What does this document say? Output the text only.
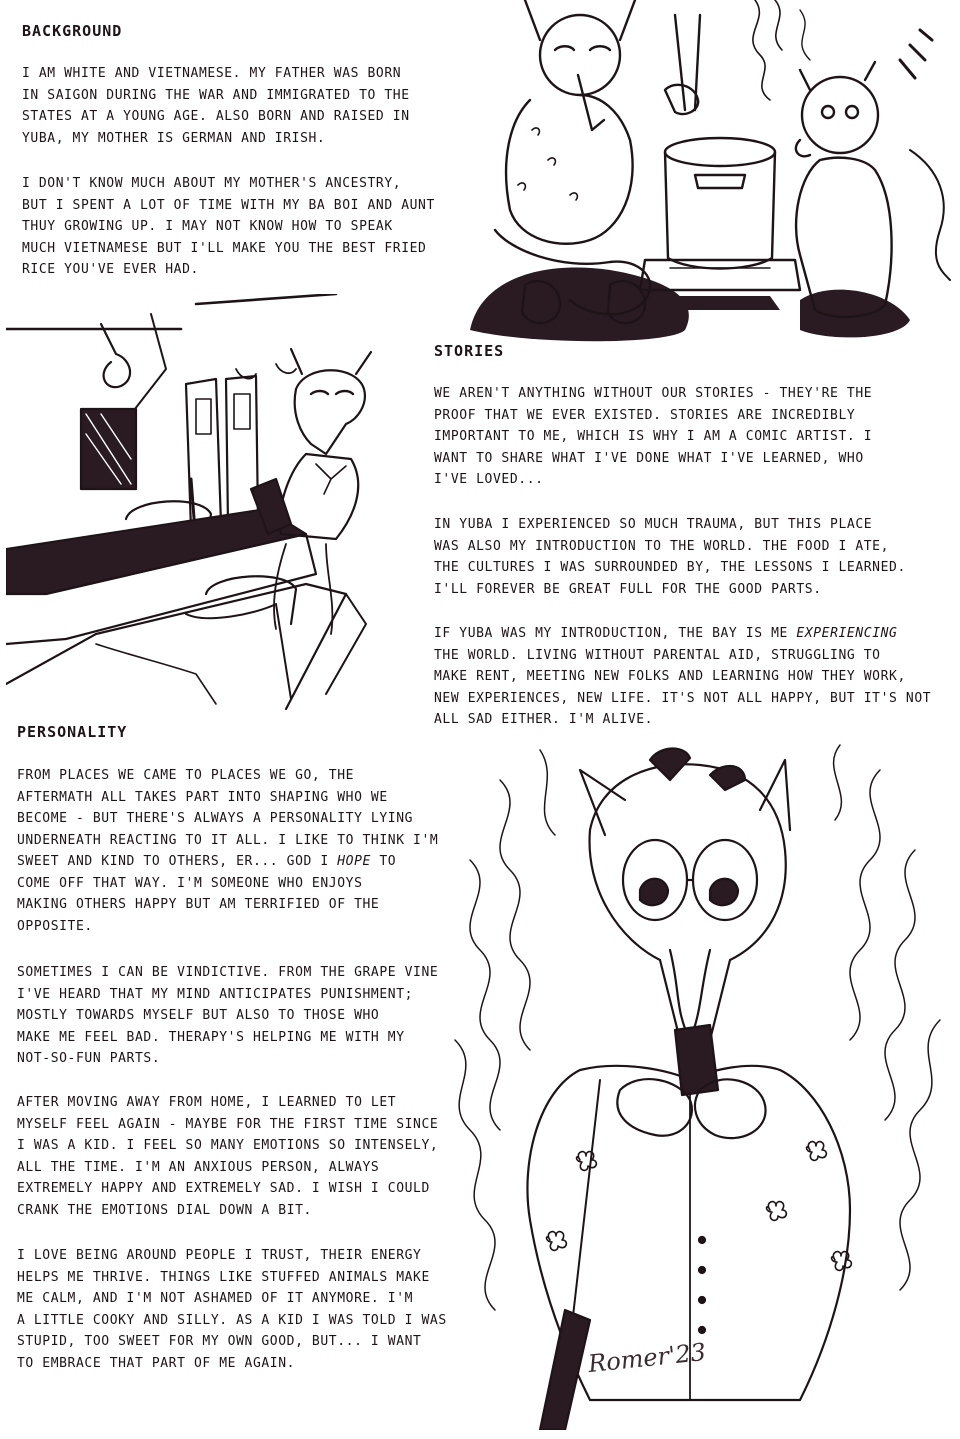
BACKGROUND
I AM WHITE AND VIETNAMESE. MY FATHER WAS BORN
IN SAIGON DURING THE WAR AND IMMIGRATED TO THE
STATES AT A YOUNG AGE. ALSO BORN AND RAISED IN
YUBA, MY MOTHER IS GERMAN AND IRISH.
I DON'T KNOW MUCH ABOUT MY MOTHER'S ANCESTRY,
BUT I SPENT A LOT OF TIME WITH MY BA BOI AND AUNT
THUY GROWING UP. I MAY NOT KNOW HOW TO SPEAK
MUCH VIETNAMESE BUT I'LL MAKE YOU THE BEST FRIED
RICE YOU'VE EVER HAD.
STORIES
WE AREN'T ANYTHING WITHOUT OUR STORIES - THEY'RE THE
PROOF THAT WE EVER EXISTED. STORIES ARE INCREDIBLY
IMPORTANT TO ME, WHICH IS WHY I AM A COMIC ARTIST. I
WANT TO SHARE WHAT I'VE DONE WHAT I'VE LEARNED, WHO
I'VE LOVED...
IN YUBA I EXPERIENCED SO MUCH TRAUMA, BUT THIS PLACE
WAS ALSO MY INTRODUCTION TO THE WORLD. THE FOOD I ATE,
THE CULTURES I WAS SURROUNDED BY, THE LESSONS I LEARNED.
I'LL FOREVER BE GREAT FULL FOR THE GOOD PARTS.
IF YUBA WAS MY INTRODUCTION, THE BAY IS ME EXPERIENCING
THE WORLD. LIVING WITHOUT PARENTAL AID, STRUGGLING TO
MAKE RENT, MEETING NEW FOLKS AND LEARNING HOW THEY WORK,
NEW EXPERIENCES, NEW LIFE. IT'S NOT ALL HAPPY, BUT IT'S NOT
ALL SAD EITHER. I'M ALIVE.
PERSONALITY
FROM PLACES WE CAME TO PLACES WE GO, THE
AFTERMATH ALL TAKES PART INTO SHAPING WHO WE
BECOME - BUT THERE'S ALWAYS A PERSONALITY LYING
UNDERNEATH REACTING TO IT ALL. I LIKE TO THINK I'M
SWEET AND KIND TO OTHERS, ER... GOD I HOPE TO
COME OFF THAT WAY. I'M SOMEONE WHO ENJOYS
MAKING OTHERS HAPPY BUT AM TERRIFIED OF THE
OPPOSITE.
SOMETIMES I CAN BE VINDICTIVE. FROM THE GRAPE VINE
I'VE HEARD THAT MY MIND ANTICIPATES PUNISHMENT;
MOSTLY TOWARDS MYSELF BUT ALSO TO THOSE WHO
MAKE ME FEEL BAD. THERAPY'S HELPING ME WITH MY
NOT-SO-FUN PARTS.
AFTER MOVING AWAY FROM HOME, I LEARNED TO LET
MYSELF FEEL AGAIN - MAYBE FOR THE FIRST TIME SINCE
I WAS A KID. I FEEL SO MANY EMOTIONS SO INTENSELY,
ALL THE TIME. I'M AN ANXIOUS PERSON, ALWAYS
EXTREMELY HAPPY AND EXTREMELY SAD. I WISH I COULD
CRANK THE EMOTIONS DIAL DOWN A BIT.
I LOVE BEING AROUND PEOPLE I TRUST, THEIR ENERGY
HELPS ME THRIVE. THINGS LIKE STUFFED ANIMALS MAKE
ME CALM, AND I'M NOT ASHAMED OF IT ANYMORE. I'M
A LITTLE COOKY AND SILLY. AS A KID I WAS TOLD I WAS
STUPID, TOO SWEET FOR MY OWN GOOD, BUT... I WANT
TO EMBRACE THAT PART OF ME AGAIN.	Romer'23
